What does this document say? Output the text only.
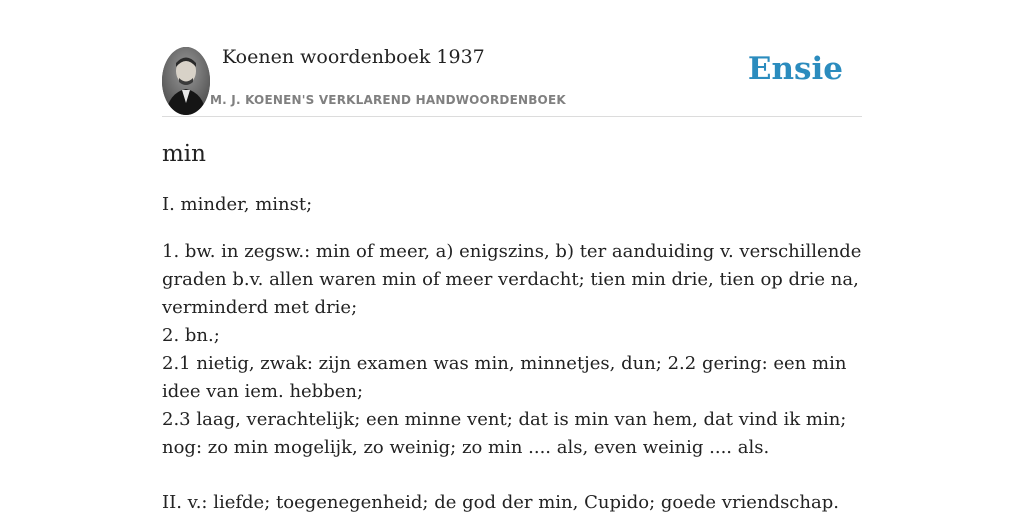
Koenen woordenboek 1937
M. J. KOENEN'S VERKLAREND HANDWOORDENBOEK
Ensie
min

I. minder, minst;

1. bw. in zegsw.: min of meer, a) enigszins, b) ter aanduiding v. verschillende graden b.v. allen waren min of meer verdacht; tien min drie, tien op drie na, verminderd met drie;
2. bn.;
2.1 nietig, zwak: zijn examen was min, minnetjes, dun; 2.2 gering: een min idee van iem. hebben;
2.3 laag, verachtelijk; een minne vent; dat is min van hem, dat vind ik min; nog: zo min mogelijk, zo weinig; zo min .... als, even weinig .... als.

II. v.: liefde; toegenegenheid; de god der min, Cupido; goede vriendschap.
